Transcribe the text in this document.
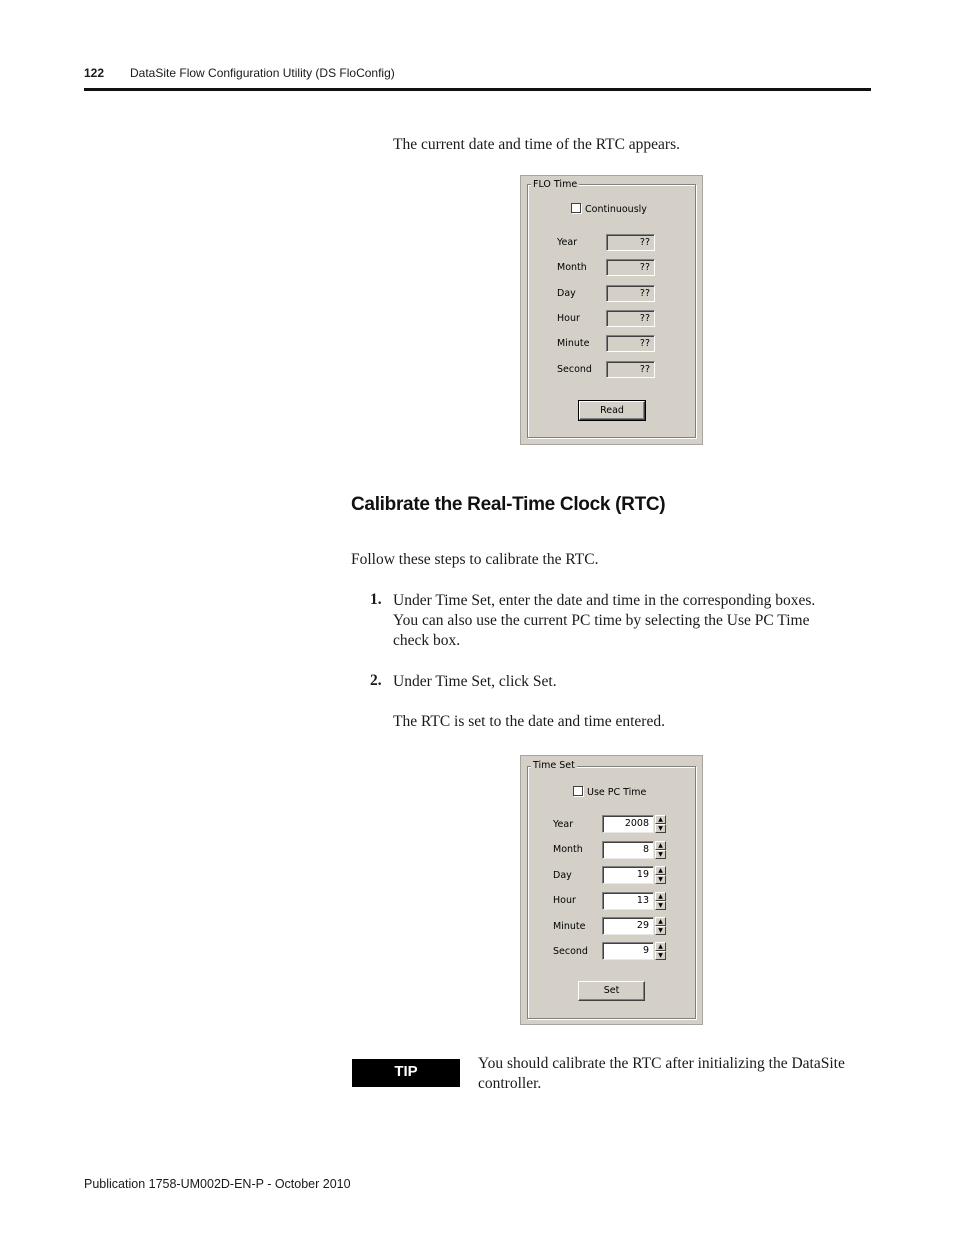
122 DataSite Flow Configuration Utility (DS FloConfig)
The current date and time of the RTC appears.
FLO Time
Continuously
Year	??
Month	??
Day	??
Hour	??
Minute	??
Second	??
Read
Calibrate the Real-Time Clock (RTC)
Follow these steps to calibrate the RTC.
1. Under Time Set, enter the date and time in the corresponding boxes.
You can also use the current PC time by selecting the Use PC Time
check box.
2. Under Time Set, click Set.
The RTC is set to the date and time entered.
Time Set
Use PC Time
Year	2008	▲
▼
Month	8	▲
▼
Day	19	▲
▼
Hour	13	▲
▼
Minute	29	▲
▼
Second	9	▲
▼
Set
TIP	You should calibrate the RTC after initializing the DataSite
controller.
Publication 1758-UM002D-EN-P - October 2010
